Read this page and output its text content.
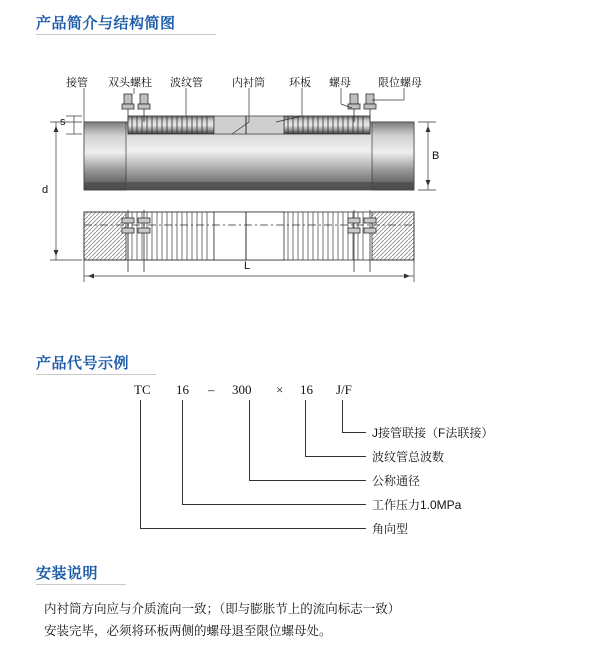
产品简介与结构简图
接管 双头螺柱 波纹管	内衬筒 环板 螺母 限位螺母
s
d
B
L
产品代号示例
TC 16 – 300 × 16 J/F
J接管联接（F法联接）
波纹管总波数
公称通径
工作压力1.0MPa
角向型
安装说明
内衬筒方向应与介质流向一致；（即与膨胀节上的流向标志一致）
安装完毕，必须将环板两侧的螺母退至限位螺母处。
